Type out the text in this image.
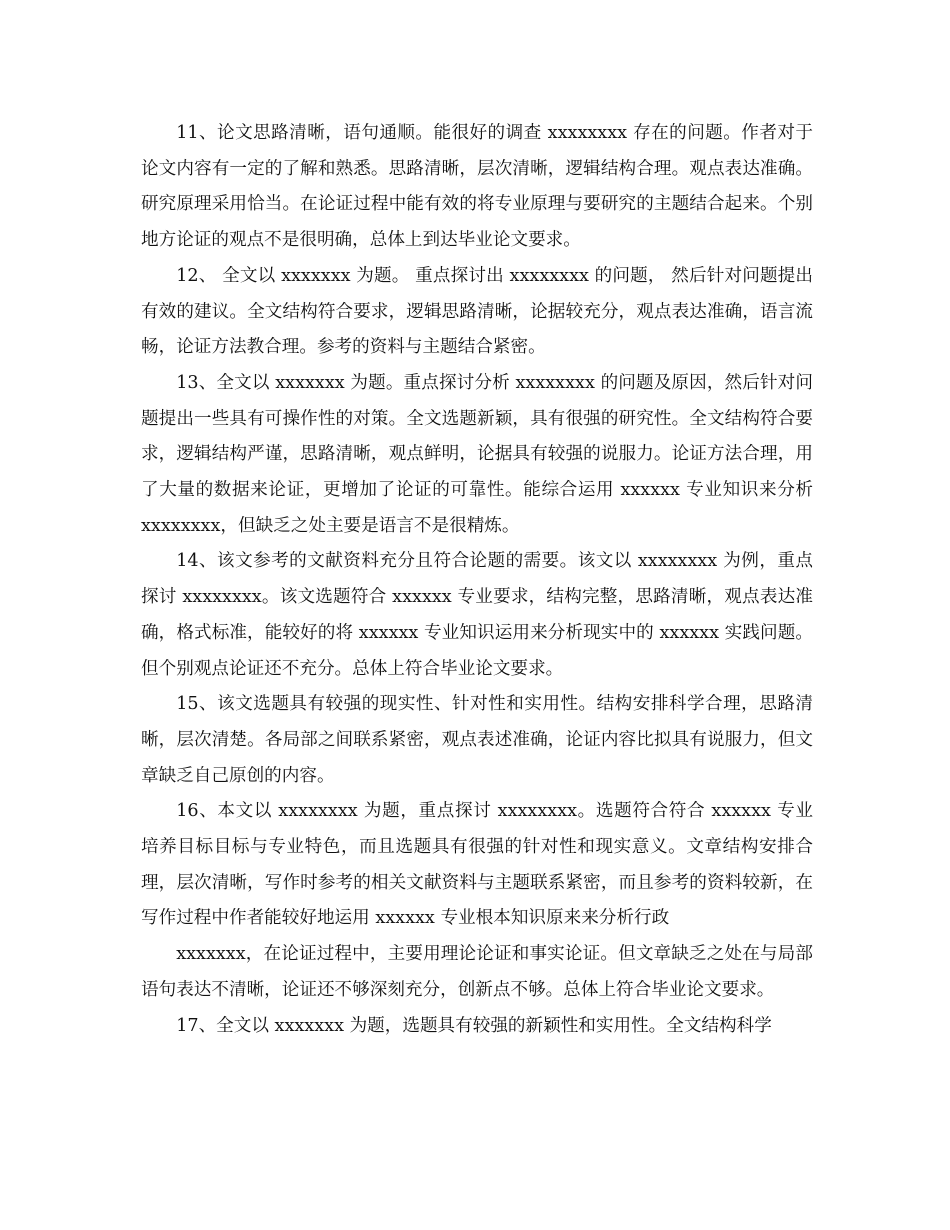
11、论文思路清晰，语句通顺。能很好的调查 xxxxxxxx 存在的问题。作者对于论文内容有一定的了解和熟悉。思路清晰，层次清晰，逻辑结构合理。观点表达准确。研究原理采用恰当。在论证过程中能有效的将专业原理与要研究的主题结合起来。个别地方论证的观点不是很明确，总体上到达毕业论文要求。

12、 全文以 xxxxxxx 为题。 重点探讨出 xxxxxxxx 的问题， 然后针对问题提出有效的建议。全文结构符合要求，逻辑思路清晰，论据较充分，观点表达准确，语言流畅，论证方法教合理。参考的资料与主题结合紧密。

13、全文以 xxxxxxx 为题。重点探讨分析 xxxxxxxx 的问题及原因，然后针对问题提出一些具有可操作性的对策。全文选题新颖，具有很强的研究性。全文结构符合要求，逻辑结构严谨，思路清晰，观点鲜明，论据具有较强的说服力。论证方法合理，用了大量的数据来论证，更增加了论证的可靠性。能综合运用 xxxxxx 专业知识来分析 xxxxxxxx，但缺乏之处主要是语言不是很精炼。

14、该文参考的文献资料充分且符合论题的需要。该文以 xxxxxxxx 为例，重点探讨 xxxxxxxx。该文选题符合 xxxxxx 专业要求，结构完整，思路清晰，观点表达准确，格式标准，能较好的将 xxxxxx 专业知识运用来分析现实中的 xxxxxx 实践问题。但个别观点论证还不充分。总体上符合毕业论文要求。

15、该文选题具有较强的现实性、针对性和实用性。结构安排科学合理，思路清晰，层次清楚。各局部之间联系紧密，观点表述准确，论证内容比拟具有说服力，但文章缺乏自己原创的内容。

16、本文以 xxxxxxxx 为题，重点探讨 xxxxxxxx。选题符合符合 xxxxxx 专业培养目标目标与专业特色，而且选题具有很强的针对性和现实意义。文章结构安排合理，层次清晰，写作时参考的相关文献资料与主题联系紧密，而且参考的资料较新，在写作过程中作者能较好地运用 xxxxxx 专业根本知识原来来分析行政

xxxxxxx，在论证过程中，主要用理论论证和事实论证。但文章缺乏之处在与局部语句表达不清晰，论证还不够深刻充分，创新点不够。总体上符合毕业论文要求。

17、全文以 xxxxxxx 为题，选题具有较强的新颖性和实用性。全文结构科学
